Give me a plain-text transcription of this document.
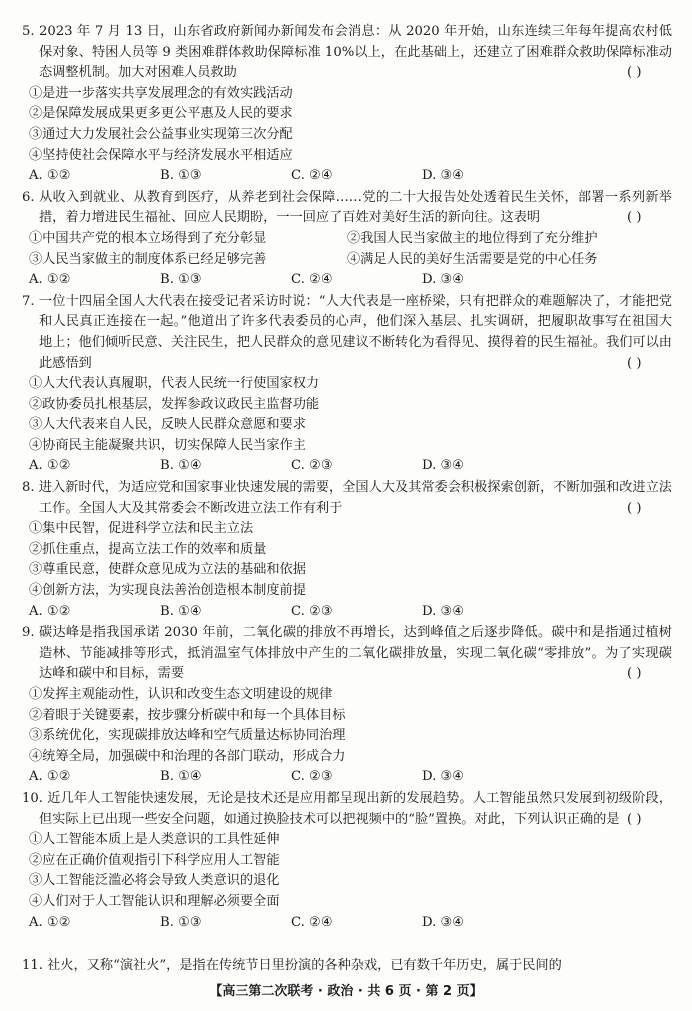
5. 2023 年 7 月 13 日，山东省政府新闻办新闻发布会消息：从 2020 年开始，山东连续三年每年提高农村低保对象、特困人员等 9 类困难群体救助保障标准 10%以上，在此基础上，还建立了困难群众救助保障标准动态调整机制。加大对困难人员救助	( )
①是进一步落实共享发展理念的有效实践活动
②是保障发展成果更多更公平惠及人民的要求
③通过大力发展社会公益事业实现第三次分配
④坚持使社会保障水平与经济发展水平相适应
A. ①②	B. ①③	C. ②④	D. ③④
6. 从收入到就业、从教育到医疗，从养老到社会保障……党的二十大报告处处透着民生关怀，部署一系列新举措，着力增进民生福祉、回应人民期盼，一一回应了百姓对美好生活的新向往。这表明	( )
①中国共产党的根本立场得到了充分彰显	②我国人民当家做主的地位得到了充分维护
③人民当家做主的制度体系已经足够完善	④满足人民的美好生活需要是党的中心任务
A. ①②	B. ①③	C. ②④	D. ③④
7. 一位十四届全国人大代表在接受记者采访时说：“人大代表是一座桥梁，只有把群众的难题解决了，才能把党和人民真正连接在一起。”他道出了许多代表委员的心声，他们深入基层、扎实调研，把履职故事写在祖国大地上；他们倾听民意、关注民生，把人民群众的意见建议不断转化为看得见、摸得着的民生福祉。我们可以由此感悟到	( )
①人大代表认真履职，代表人民统一行使国家权力
②政协委员扎根基层，发挥参政议政民主监督功能
③人大代表来自人民，反映人民群众意愿和要求
④协商民主能凝聚共识，切实保障人民当家作主
A. ①②	B. ①④	C. ②③	D. ③④
8. 进入新时代，为适应党和国家事业快速发展的需要，全国人大及其常委会积极探索创新，不断加强和改进立法工作。全国人大及其常委会不断改进立法工作有利于	( )
①集中民智，促进科学立法和民主立法
②抓住重点，提高立法工作的效率和质量
③尊重民意，使群众意见成为立法的基础和依据
④创新方法，为实现良法善治创造根本制度前提
A. ①②	B. ①④	C. ②③	D. ③④
9. 碳达峰是指我国承诺 2030 年前，二氧化碳的排放不再增长，达到峰值之后逐步降低。碳中和是指通过植树造林、节能减排等形式，抵消温室气体排放中产生的二氧化碳排放量，实现二氧化碳“零排放”。为了实现碳达峰和碳中和目标，需要	( )
①发挥主观能动性，认识和改变生态文明建设的规律
②着眼于关键要素，按步骤分析碳中和每一个具体目标
③系统优化，实现碳排放达峰和空气质量达标协同治理
④统筹全局，加强碳中和治理的各部门联动，形成合力
A. ①②	B. ①④	C. ②③	D. ③④
10. 近几年人工智能快速发展，无论是技术还是应用都呈现出新的发展趋势。人工智能虽然只发展到初级阶段，但实际上已出现一些安全问题，如通过换脸技术可以把视频中的“脸”置换。对此，下列认识正确的是 ( )
①人工智能本质上是人类意识的工具性延伸
②应在正确价值观指引下科学应用人工智能
③人工智能泛滥必将会导致人类意识的退化
④人们对于人工智能认识和理解必须要全面
A. ①②	B. ①③	C. ②④	D. ③④
11. 社火，又称“演社火”，是指在传统节日里扮演的各种杂戏，已有数千年历史，属于民间的
【高三第二次联考 · 政治 · 共 6 页 · 第 2 页】
